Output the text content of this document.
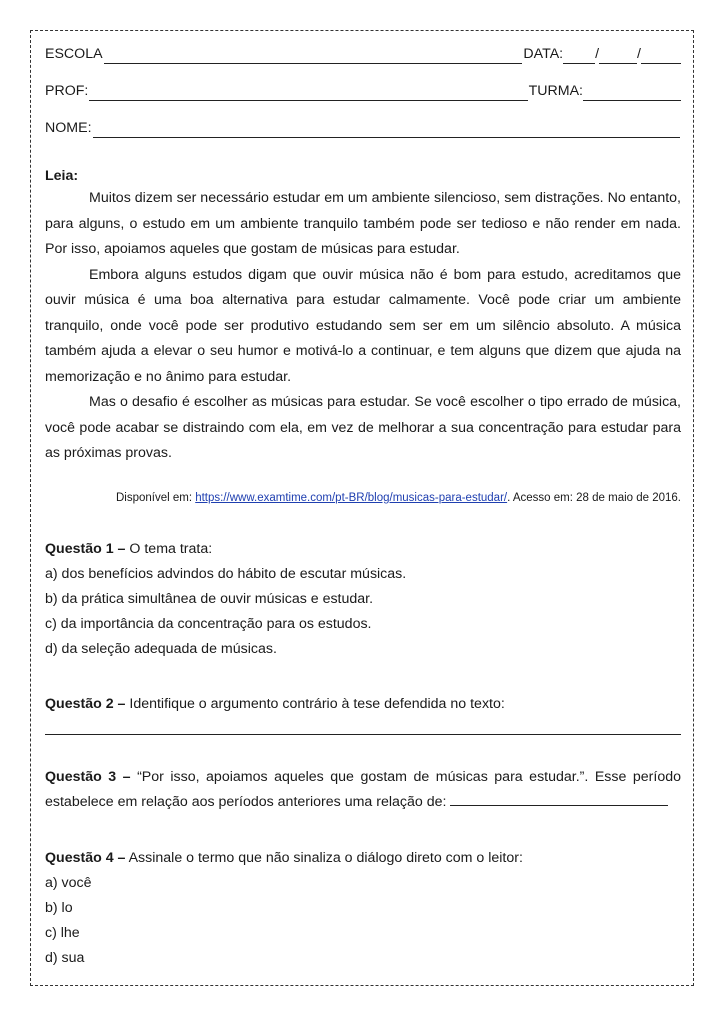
ESCOLA	DATA: /	/
PROF:	TURMA:
NOME:
Leia:

Muitos dizem ser necessário estudar em um ambiente silencioso, sem distrações. No entanto, para alguns, o estudo em um ambiente tranquilo também pode ser tedioso e não render em nada. Por isso, apoiamos aqueles que gostam de músicas para estudar.

Embora alguns estudos digam que ouvir música não é bom para estudo, acreditamos que ouvir música é uma boa alternativa para estudar calmamente. Você pode criar um ambiente tranquilo, onde você pode ser produtivo estudando sem ser em um silêncio absoluto. A música também ajuda a elevar o seu humor e motivá-lo a continuar, e tem alguns que dizem que ajuda na memorização e no ânimo para estudar.

Mas o desafio é escolher as músicas para estudar. Se você escolher o tipo errado de música, você pode acabar se distraindo com ela, em vez de melhorar a sua concentração para estudar para as próximas provas.

Disponível em: https://www.examtime.com/pt-BR/blog/musicas-para-estudar/. Acesso em: 28 de maio de 2016.
Questão 1 – O tema trata:
a) dos benefícios advindos do hábito de escutar músicas.
b) da prática simultânea de ouvir músicas e estudar.
c) da importância da concentração para os estudos.
d) da seleção adequada de músicas.
Questão 2 – Identifique o argumento contrário à tese defendida no texto:
Questão 3 – “Por isso, apoiamos aqueles que gostam de músicas para estudar.”. Esse período estabelece em relação aos períodos anteriores uma relação de:
Questão 4 – Assinale o termo que não sinaliza o diálogo direto com o leitor:
a) você
b) lo
c) lhe
d) sua
